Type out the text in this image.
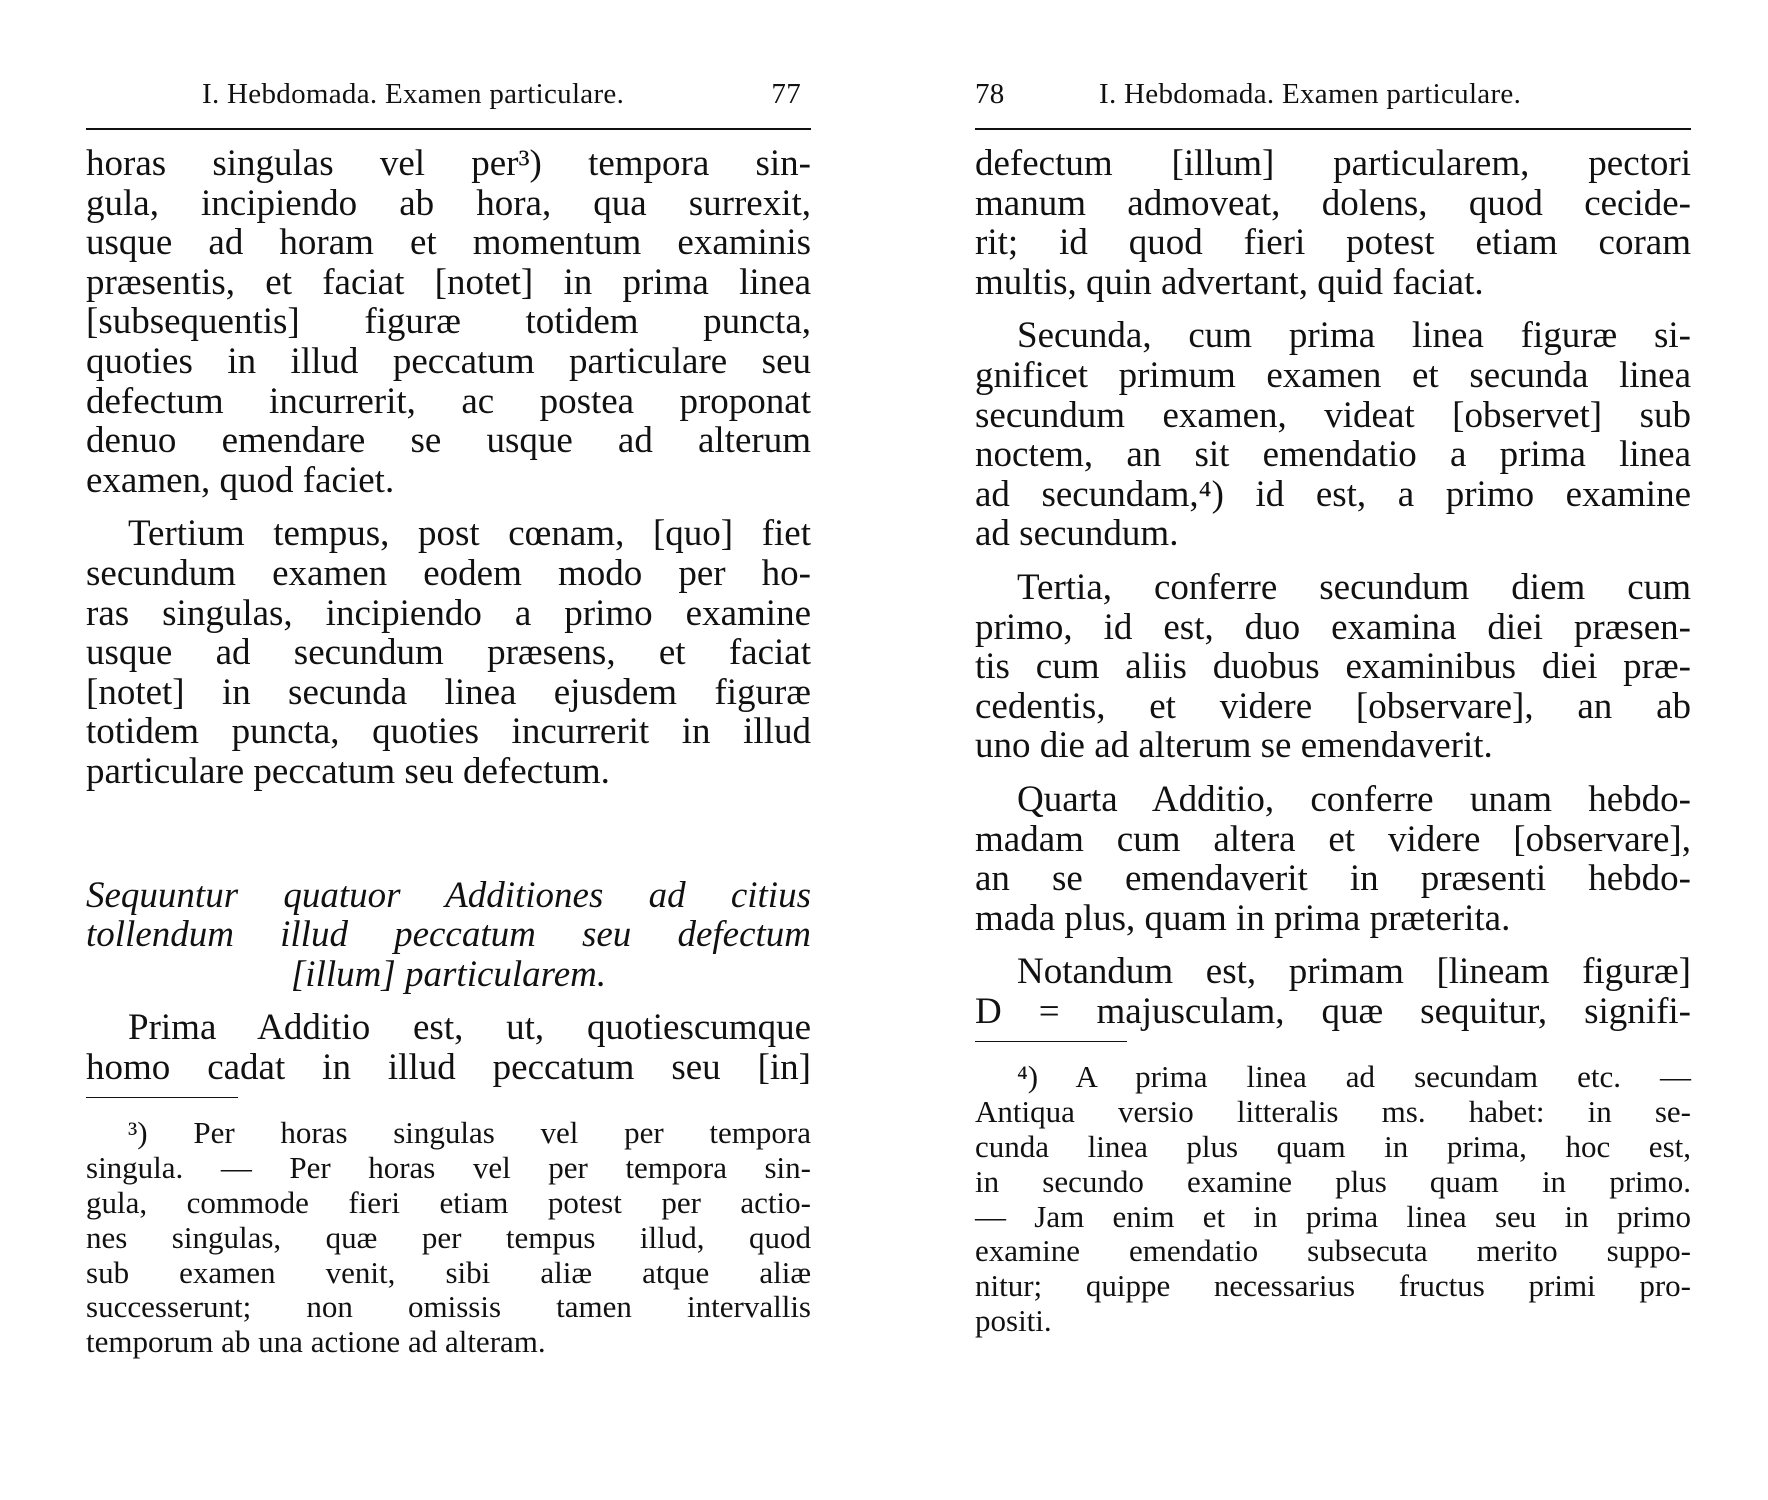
I. Hebdomada. Examen particulare.	77
horas singulas vel per³) tempora sin-
gula, incipiendo ab hora, qua surrexit,
usque ad horam et momentum examinis
præsentis, et faciat [notet] in prima linea
[subsequentis] figuræ totidem puncta,
quoties in illud peccatum particulare seu
defectum incurrerit, ac postea proponat
denuo emendare se usque ad alterum
examen, quod faciet.
Tertium tempus, post cœnam, [quo] fiet
secundum examen eodem modo per ho-
ras singulas, incipiendo a primo examine
usque ad secundum præsens, et faciat
[notet] in secunda linea ejusdem figuræ
totidem puncta, quoties incurrerit in illud
particulare peccatum seu defectum.
Sequuntur quatuor Additiones ad citius
tollendum illud peccatum seu defectum
[illum] particularem.
Prima Additio est, ut, quotiescumque
homo cadat in illud peccatum seu [in]
³) Per horas singulas vel per tempora
singula. — Per horas vel per tempora sin-
gula, commode fieri etiam potest per actio-
nes singulas, quæ per tempus illud, quod
sub examen venit, sibi aliæ atque aliæ
successerunt; non omissis tamen intervallis
temporum ab una actione ad alteram.
78	I. Hebdomada. Examen particulare.
defectum [illum] particularem, pectori
manum admoveat, dolens, quod cecide-
rit; id quod fieri potest etiam coram
multis, quin advertant, quid faciat.
Secunda, cum prima linea figuræ si-
gnificet primum examen et secunda linea
secundum examen, videat [observet] sub
noctem, an sit emendatio a prima linea
ad secundam,⁴) id est, a primo examine
ad secundum.
Tertia, conferre secundum diem cum
primo, id est, duo examina diei præsen-
tis cum aliis duobus examinibus diei præ-
cedentis, et videre [observare], an ab
uno die ad alterum se emendaverit.
Quarta Additio, conferre unam hebdo-
madam cum altera et videre [observare],
an se emendaverit in præsenti hebdo-
mada plus, quam in prima præterita.
Notandum est, primam [lineam figuræ]
D = majusculam, quæ sequitur, signifi-
⁴) A prima linea ad secundam etc. —
Antiqua versio litteralis ms. habet: in se-
cunda linea plus quam in prima, hoc est,
in secundo examine plus quam in primo.
— Jam enim et in prima linea seu in primo
examine emendatio subsecuta merito suppo-
nitur; quippe necessarius fructus primi pro-
positi.
